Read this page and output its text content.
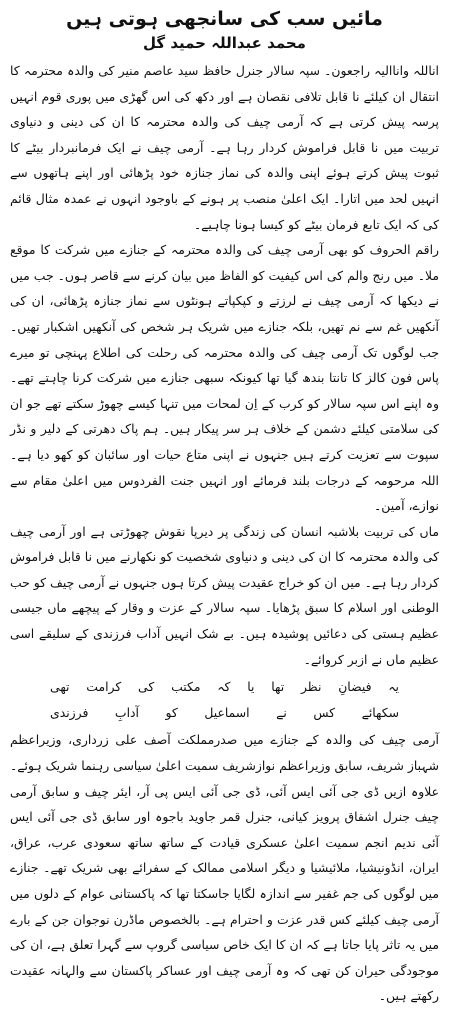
مائیں سب کی سانجھی ہوتی ہیں
محمد عبداللہ حمید گل

اناللہ واناالیہ راجعون۔ سپہ سالار جنرل حافظ سید عاصم منیر کی والدہ محترمہ کا انتقال ان کیلئے نا قابل تلافی نقصان ہے اور دکھ کی اس گھڑی میں پوری قوم انہیں پرسہ پیش کرتی ہے کہ آرمی چیف کی والدہ محترمہ کا ان کی دینی و دنیاوی تربیت میں نا قابل فراموش کردار رہا ہے۔ آرمی چیف نے ایک فرمانبردار بیٹے کا ثبوت پیش کرتے ہوئے اپنی والدہ کی نماز جنازہ خود پڑھائی اور اپنے ہاتھوں سے انہیں لحد میں اتارا۔ ایک اعلیٰ منصب پر ہونے کے باوجود انہوں نے عمدہ مثال قائم کی کہ ایک تابع فرمان بیٹے کو کیسا ہونا چاہیے۔

راقم الحروف کو بھی آرمی چیف کی والدہ محترمہ کے جنازے میں شرکت کا موقع ملا۔ میں رنج والم کی اس کیفیت کو الفاظ میں بیان کرنے سے قاصر ہوں۔ جب میں نے دیکھا کہ آرمی چیف نے لرزتے و کپکپاتے ہونٹوں سے نماز جنازہ پڑھائی، ان کی آنکھیں غم سے نم تھیں، بلکہ جنازے میں شریک ہر شخص کی آنکھیں اشکبار تھیں۔ جب لوگوں تک آرمی چیف کی والدہ محترمہ کی رحلت کی اطلاع پہنچی تو میرے پاس فون کالز کا تانتا بندھ گیا تھا کیونکہ سبھی جنازے میں شرکت کرنا چاہتے تھے۔ وہ اپنے اس سپہ سالار کو کرب کے اِن لمحات میں تنہا کیسے چھوڑ سکتے تھے جو ان کی سلامتی کیلئے دشمن کے خلاف ہر سر پیکار ہیں۔ ہم پاک دھرتی کے دلیر و نڈر سپوت سے تعزیت کرتے ہیں جنہوں نے اپنی متاع حیات اور سائبان کو کھو دیا ہے۔ اللہ مرحومہ کے درجات بلند فرمائے اور انہیں جنت الفردوس میں اعلیٰ مقام سے نوازے، آمین۔

ماں کی تربیت بلاشبہ انسان کی زندگی پر دیرپا نقوش چھوڑتی ہے اور آرمی چیف کی والدہ محترمہ کا ان کی دینی و دنیاوی شخصیت کو نکھارنے میں نا قابل فراموش کردار رہا ہے۔ میں ان کو خراج عقیدت پیش کرتا ہوں جنہوں نے آرمی چیف کو حب الوطنی اور اسلام کا سبق پڑھایا۔ سپہ سالار کے عزت و وقار کے پیچھے ماں جیسی عظیم ہستی کی دعائیں پوشیدہ ہیں۔ بے شک انہیں آداب فرزندی کے سلیقے اسی عظیم ماں نے ازبر کروائے۔

یہ فیضانِ نظر تھا یا کہ مکتب کی کرامت تھی
سکھائے کس نے اسماعیل کو آدابِ فرزندی

آرمی چیف کی والدہ کے جنازے میں صدرمملکت آصف علی زرداری، وزیراعظم شہباز شریف، سابق وزیراعظم نوازشریف سمیت اعلیٰ سیاسی رہنما شریک ہوئے۔ علاوہ ازیں ڈی جی آئی ایس آئی، ڈی جی آئی ایس پی آر، ایئر چیف و سابق آرمی چیف جنرل اشفاق پرویز کیانی، جنرل قمر جاوید باجوہ اور سابق ڈی جی آئی ایس آئی ندیم انجم سمیت اعلیٰ عسکری قیادت کے ساتھ ساتھ سعودی عرب، عراق، ایران، انڈونیشیا، ملائیشیا و دیگر اسلامی ممالک کے سفرائے بھی شریک تھے۔ جنازے میں لوگوں کی جم غفیر سے اندازہ لگایا جاسکتا تھا کہ پاکستانی عوام کے دلوں میں آرمی چیف کیلئے کس قدر عزت و احترام ہے۔ بالخصوص ماڈرن نوجوان جن کے بارے میں یہ تاثر پایا جاتا ہے کہ ان کا ایک خاص سیاسی گروپ سے گہرا تعلق ہے، ان کی موجودگی حیران کن تھی کہ وہ آرمی چیف اور عساکر پاکستان سے والہانہ عقیدت رکھتے ہیں۔
